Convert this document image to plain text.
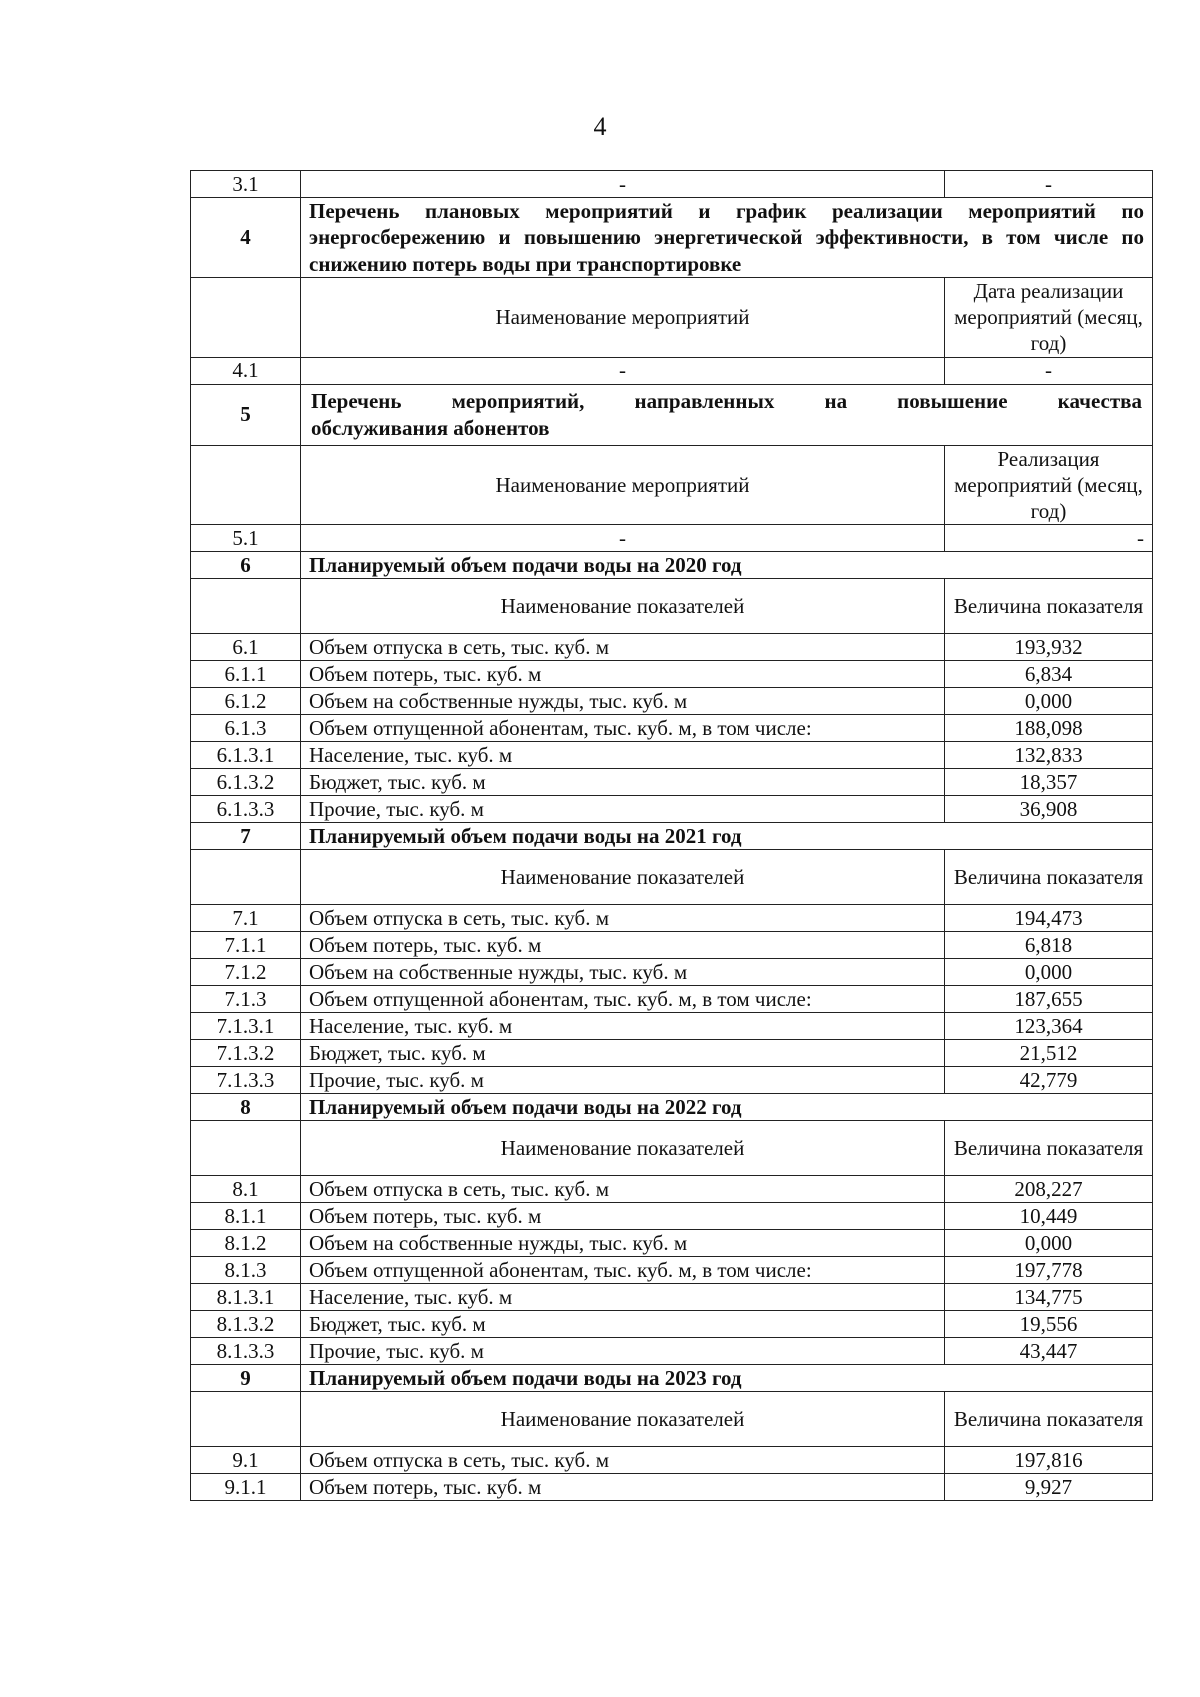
4
3.1	-	-
4	Перечень плановых мероприятий и график реализации мероприятий по энергосбережению и повышению энергетической эффективности, в том числе по снижению потерь воды при транспортировке	
	Наименование мероприятий	Дата реализации мероприятий (месяц, год)
4.1	-	-
5	Перечень мероприятий, направленных на повышение качества
обслуживания абонентов	

	Наименование мероприятий	Реализация мероприятий (месяц, год)
5.1	-	-
6	Планируемый объем подачи воды на 2020 год	
	Наименование показателей	Величина показателя
6.1	Объем отпуска в сеть, тыс. куб. м	193,932
6.1.1	Объем потерь, тыс. куб. м	6,834
6.1.2	Объем на собственные нужды, тыс. куб. м	0,000
6.1.3	Объем отпущенной абонентам, тыс. куб. м, в том числе:	188,098
6.1.3.1	Население, тыс. куб. м	132,833
6.1.3.2	Бюджет, тыс. куб. м	18,357
6.1.3.3	Прочие, тыс. куб. м	36,908
7	Планируемый объем подачи воды на 2021 год	
	Наименование показателей	Величина показателя
7.1	Объем отпуска в сеть, тыс. куб. м	194,473
7.1.1	Объем потерь, тыс. куб. м	6,818
7.1.2	Объем на собственные нужды, тыс. куб. м	0,000
7.1.3	Объем отпущенной абонентам, тыс. куб. м, в том числе:	187,655
7.1.3.1	Население, тыс. куб. м	123,364
7.1.3.2	Бюджет, тыс. куб. м	21,512
7.1.3.3	Прочие, тыс. куб. м	42,779
8	Планируемый объем подачи воды на 2022 год	
	Наименование показателей	Величина показателя
8.1	Объем отпуска в сеть, тыс. куб. м	208,227
8.1.1	Объем потерь, тыс. куб. м	10,449
8.1.2	Объем на собственные нужды, тыс. куб. м	0,000
8.1.3	Объем отпущенной абонентам, тыс. куб. м, в том числе:	197,778
8.1.3.1	Население, тыс. куб. м	134,775
8.1.3.2	Бюджет, тыс. куб. м	19,556
8.1.3.3	Прочие, тыс. куб. м	43,447
9	Планируемый объем подачи воды на 2023 год	
	Наименование показателей	Величина показателя
9.1	Объем отпуска в сеть, тыс. куб. м	197,816
9.1.1	Объем потерь, тыс. куб. м	9,927
